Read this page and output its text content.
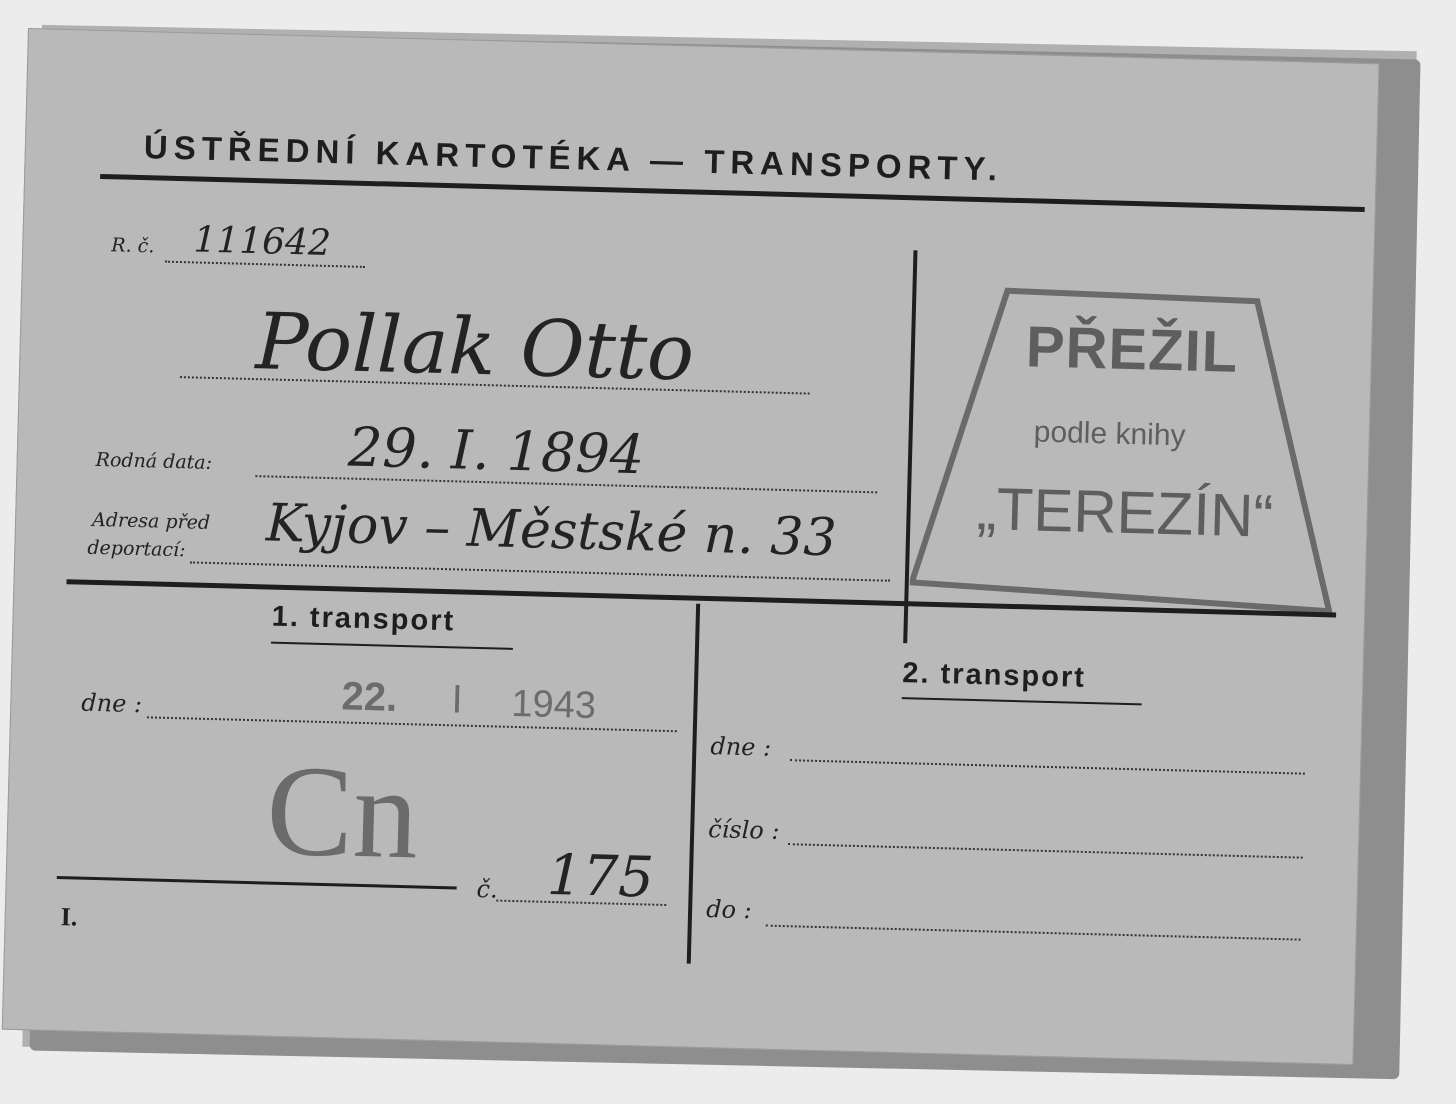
ÚSTŘEDNÍ KARTOTÉKA — TRANSPORTY.
R. č. 111642
Pollak Otto
Rodná data: 29. I. 1894
Adresa před
deportací: Kyjov – Městské n. 33
PŘEŽIL
podle knihy
„TEREZÍN“
1. transport
dne :	22. I 1943
Cn
č. 175
I.
2. transport
dne :
číslo :
do :
